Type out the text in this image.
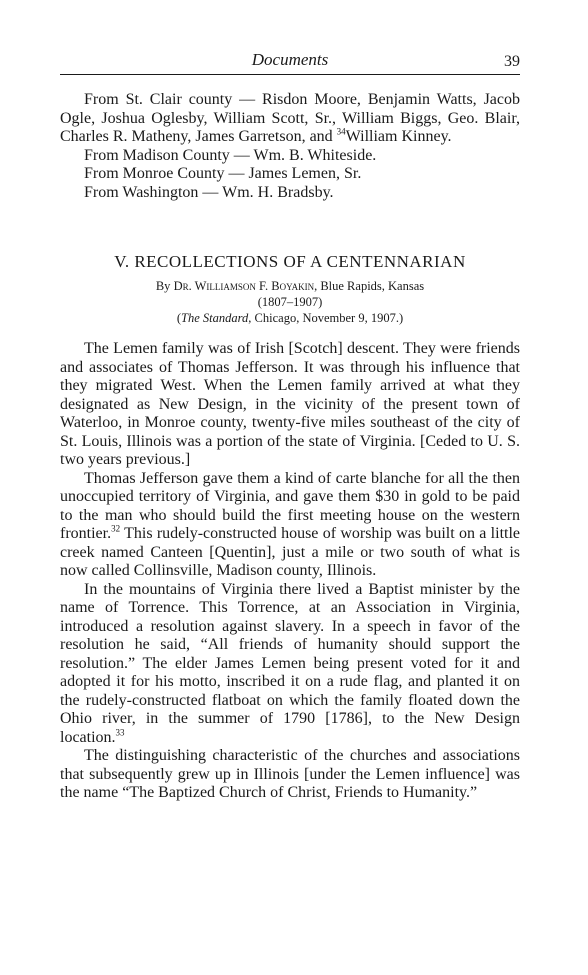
Documents	39

From St. Clair county — Risdon Moore, Benjamin Watts, Jacob Ogle, Joshua Oglesby, William Scott, Sr., William Biggs, Geo. Blair, Charles R. Matheny, James Garretson, and $^{34}$William Kinney.

From Madison County — Wm. B. Whiteside.

From Monroe County — James Lemen, Sr.

From Washington — Wm. H. Bradsby.

V. RECOLLECTIONS OF A CENTENNARIAN
By Dr. Williamson F. Boyakin, Blue Rapids, Kansas
(1807–1907)
(The Standard, Chicago, November 9, 1907.)

The Lemen family was of Irish [Scotch] descent. They were friends and associates of Thomas Jefferson. It was through his influence that they migrated West. When the Lemen family arrived at what they designated as New Design, in the vicinity of the present town of Waterloo, in Monroe county, twenty-five miles southeast of the city of St. Louis, Illinois was a portion of the state of Virginia. [Ceded to U. S. two years previous.]

Thomas Jefferson gave them a kind of carte blanche for all the then unoccupied territory of Virginia, and gave them $30 in gold to be paid to the man who should build the first meeting house on the western frontier.$^{32}$ This rudely-constructed house of worship was built on a little creek named Canteen [Quentin], just a mile or two south of what is now called Collinsville, Madison county, Illinois.

In the mountains of Virginia there lived a Baptist minister by the name of Torrence. This Torrence, at an Association in Virginia, introduced a resolution against slavery. In a speech in favor of the resolution he said, “All friends of humanity should support the resolution.” The elder James Lemen being present voted for it and adopted it for his motto, inscribed it on a rude flag, and planted it on the rudely-constructed flatboat on which the family floated down the Ohio river, in the summer of 1790 [1786], to the New Design location.$^{33}$

The distinguishing characteristic of the churches and associations that subsequently grew up in Illinois [under the Lemen influence] was the name “The Baptized Church of Christ, Friends to Humanity.”
